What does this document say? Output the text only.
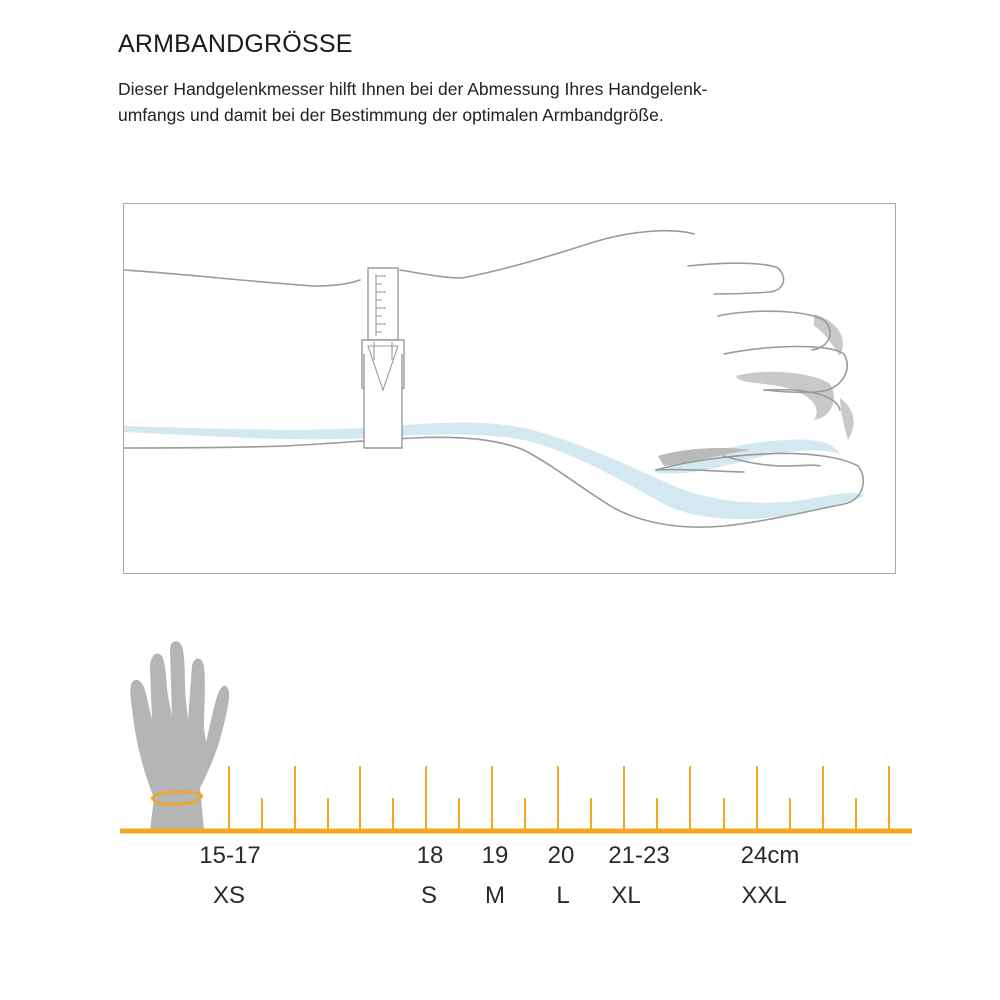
ARMBANDGRÖSSE

Dieser Handgelenkmesser hilft Ihnen bei der Abmessung Ihres Handgelenk-
umfangs und damit bei der Bestimmung der optimalen Armbandgröße.

15-17	18 19 20 21-23	24cm
XS	S M L XL	XXL
